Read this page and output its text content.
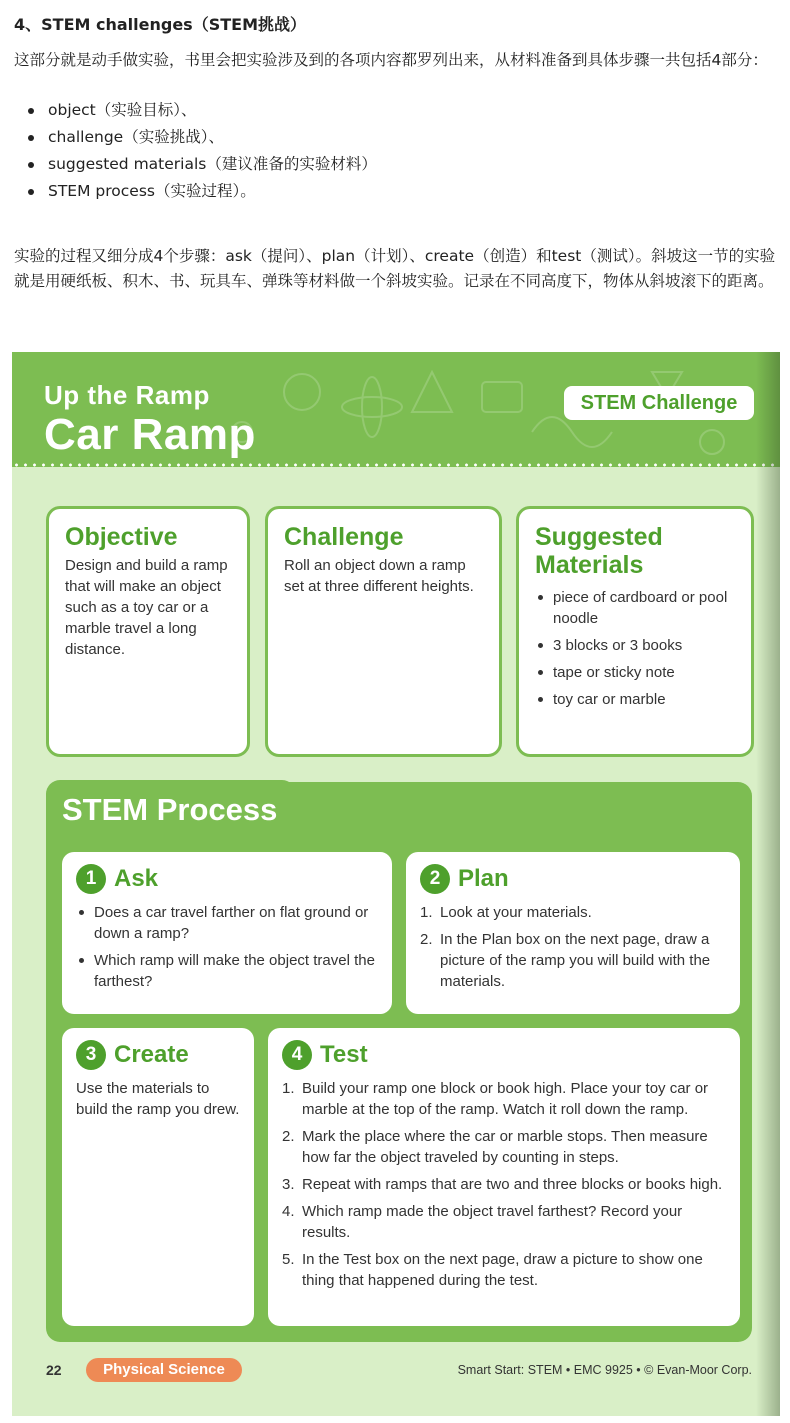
4、STEM challenges（STEM挑战）

这部分就是动手做实验，书里会把实验涉及到的各项内容都罗列出来，从材料准备到具体步骤一共包括4部分：

object（实验目标）、
challenge（实验挑战）、
suggested materials（建议准备的实验材料）
STEM process（实验过程）。

实验的过程又细分成4个步骤：ask（提问）、plan（计划）、create（创造）和test（测试）。斜坡这一节的实验就是用硬纸板、积木、书、玩具车、弹珠等材料做一个斜坡实验。记录在不同高度下，物体从斜坡滚下的距离。

Up the Ramp
Car Ramp
STEM Challenge
Objective
Design and build a ramp that will make an object such as a toy car or a marble travel a long distance.
Challenge
Roll an object down a ramp set at three different heights.
Suggested Materials
piece of cardboard or pool noodle
3 blocks or 3 books
tape or sticky note
toy car or marble
STEM Process
1 Ask
Does a car travel farther on flat ground or down a ramp?
Which ramp will make the object travel the farthest?
2 Plan
1. Look at your materials.
2. In the Plan box on the next page, draw a picture of the ramp you will build with the materials.
3 Create
Use the materials to build the ramp you drew.
4 Test
1. Build your ramp one block or book high. Place your toy car or marble at the top of the ramp. Watch it roll down the ramp.
2. Mark the place where the car or marble stops. Then measure how far the object traveled by counting in steps.
3. Repeat with ramps that are two and three blocks or books high.
4. Which ramp made the object travel farthest? Record your results.
5. In the Test box on the next page, draw a picture to show one thing that happened during the test.
22	Physical Science	Smart Start: STEM • EMC 9925 • © Evan-Moor Corp.
